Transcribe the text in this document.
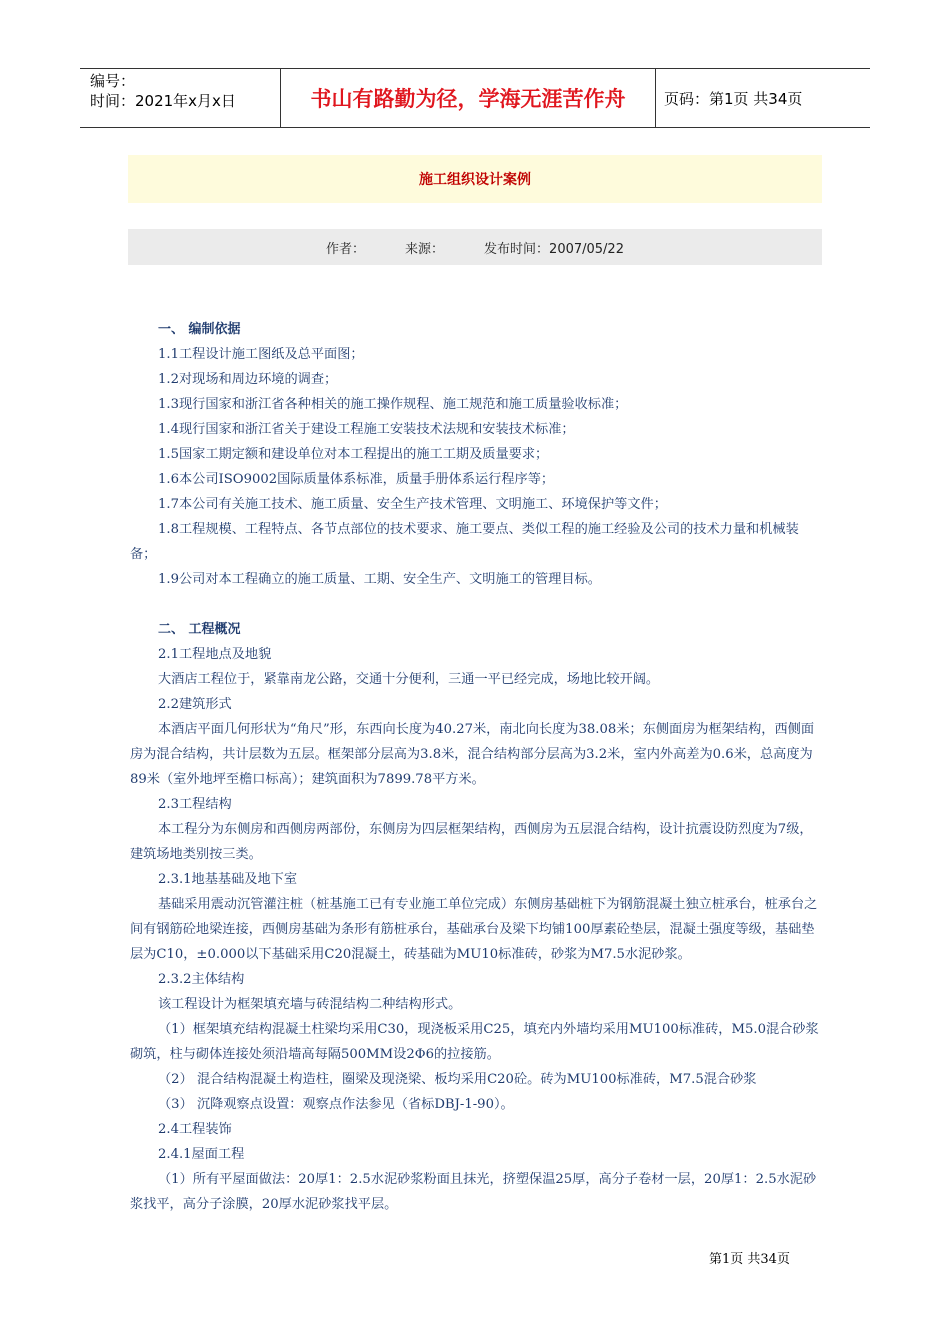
编号：
时间：2021年x月x日	书山有路勤为径，学海无涯苦作舟	页码：第1页 共34页
施工组织设计案例
作者：	来源：	发布时间：2007/05/22

一、 编制依据

1.1工程设计施工图纸及总平面图；

1.2对现场和周边环境的调查；

1.3现行国家和浙江省各种相关的施工操作规程、施工规范和施工质量验收标准；

1.4现行国家和浙江省关于建设工程施工安装技术法规和安装技术标准；

1.5国家工期定额和建设单位对本工程提出的施工工期及质量要求；

1.6本公司ISO9002国际质量体系标准，质量手册体系运行程序等；

1.7本公司有关施工技术、施工质量、安全生产技术管理、文明施工、环境保护等文件；

1.8工程规模、工程特点、各节点部位的技术要求、施工要点、类似工程的施工经验及公司的技术力量和机械装备；

1.9公司对本工程确立的施工质量、工期、安全生产、文明施工的管理目标。

二、 工程概况

2.1工程地点及地貌

大酒店工程位于，紧靠南龙公路，交通十分便利，三通一平已经完成，场地比较开阔。

2.2建筑形式

本酒店平面几何形状为“角尺”形，东西向长度为40.27米，南北向长度为38.08米；东侧面房为框架结构，西侧面房为混合结构，共计层数为五层。框架部分层高为3.8米，混合结构部分层高为3.2米，室内外高差为0.6米，总高度为89米（室外地坪至檐口标高）；建筑面积为7899.78平方米。

2.3工程结构

本工程分为东侧房和西侧房两部份，东侧房为四层框架结构，西侧房为五层混合结构，设计抗震设防烈度为7级，建筑场地类别按三类。

2.3.1地基基础及地下室

基础采用震动沉管灌注桩（桩基施工已有专业施工单位完成）东侧房基础桩下为钢筋混凝土独立桩承台，桩承台之间有钢筋砼地梁连接，西侧房基础为条形有筋桩承台，基础承台及梁下均铺100厚素砼垫层，混凝土强度等级，基础垫层为C10，±0.000以下基础采用C20混凝土，砖基础为MU10标准砖，砂浆为M7.5水泥砂浆。

2.3.2主体结构

该工程设计为框架填充墙与砖混结构二种结构形式。

（1）框架填充结构混凝土柱梁均采用C30，现浇板采用C25，填充内外墙均采用MU100标准砖，M5.0混合砂浆砌筑，柱与砌体连接处须沿墙高每隔500MM设2Φ6的拉接筋。

（2） 混合结构混凝土构造柱，圈梁及现浇梁、板均采用C20砼。砖为MU100标准砖，M7.5混合砂浆

（3） 沉降观察点设置：观察点作法参见（省标DBJ-1-90）。

2.4工程装饰

2.4.1屋面工程

（1）所有平屋面做法：20厚1：2.5水泥砂浆粉面且抹光，挤塑保温25厚，高分子卷材一层，20厚1：2.5水泥砂浆找平，高分子涂膜，20厚水泥砂浆找平层。

第1页 共34页
